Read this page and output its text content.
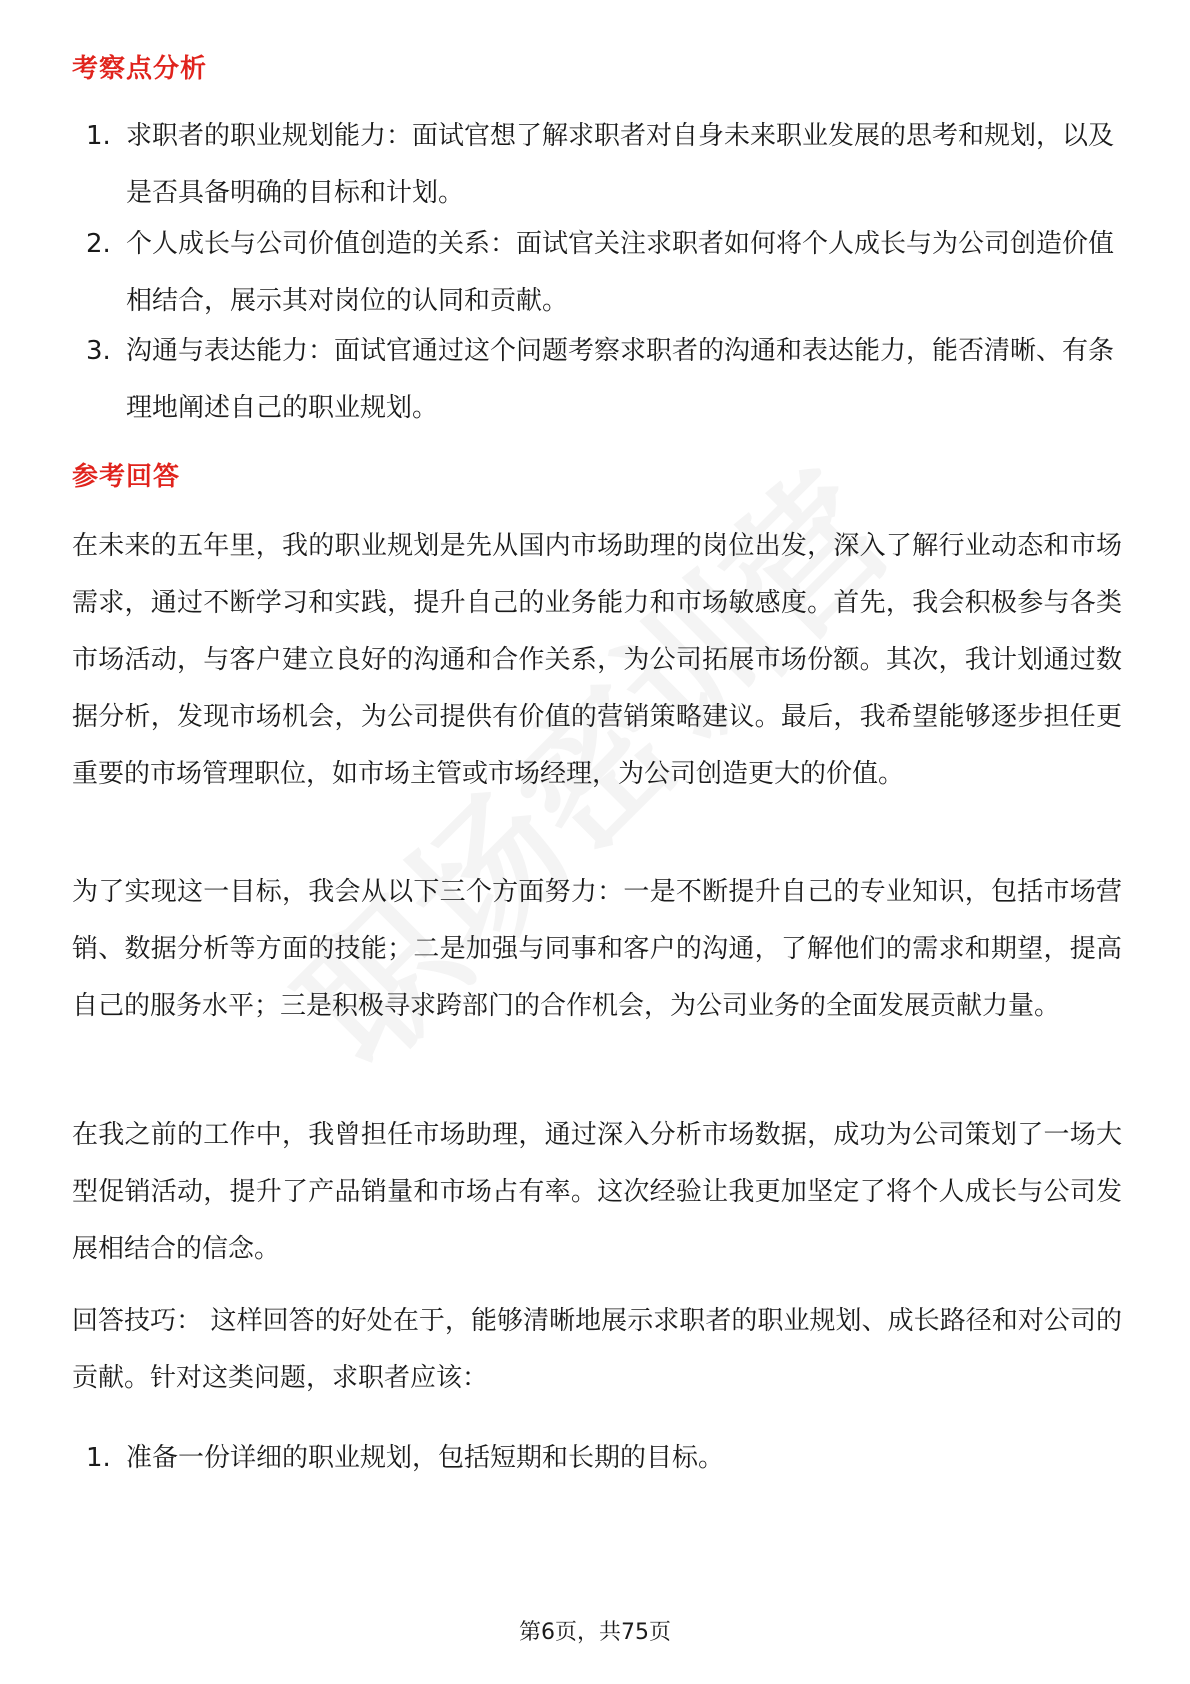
考察点分析
1. 求职者的职业规划能力：面试官想了解求职者对自身未来职业发展的思考和规划，以及是否具备明确的目标和计划。
2. 个人成长与公司价值创造的关系：面试官关注求职者如何将个人成长与为公司创造价值相结合，展示其对岗位的认同和贡献。
3. 沟通与表达能力：面试官通过这个问题考察求职者的沟通和表达能力，能否清晰、有条理地阐述自己的职业规划。
参考回答
在未来的五年里，我的职业规划是先从国内市场助理的岗位出发，深入了解行业动态和市场需求，通过不断学习和实践，提升自己的业务能力和市场敏感度。首先，我会积极参与各类市场活动，与客户建立良好的沟通和合作关系，为公司拓展市场份额。其次，我计划通过数据分析，发现市场机会，为公司提供有价值的营销策略建议。最后，我希望能够逐步担任更重要的市场管理职位，如市场主管或市场经理，为公司创造更大的价值。
为了实现这一目标，我会从以下三个方面努力：一是不断提升自己的专业知识，包括市场营销、数据分析等方面的技能；二是加强与同事和客户的沟通，了解他们的需求和期望，提高自己的服务水平；三是积极寻求跨部门的合作机会，为公司业务的全面发展贡献力量。
在我之前的工作中，我曾担任市场助理，通过深入分析市场数据，成功为公司策划了一场大型促销活动，提升了产品销量和市场占有率。这次经验让我更加坚定了将个人成长与公司发展相结合的信念。
回答技巧： 这样回答的好处在于，能够清晰地展示求职者的职业规划、成长路径和对公司的贡献。针对这类问题，求职者应该：
1. 准备一份详细的职业规划，包括短期和长期的目标。
第6页，共75页
